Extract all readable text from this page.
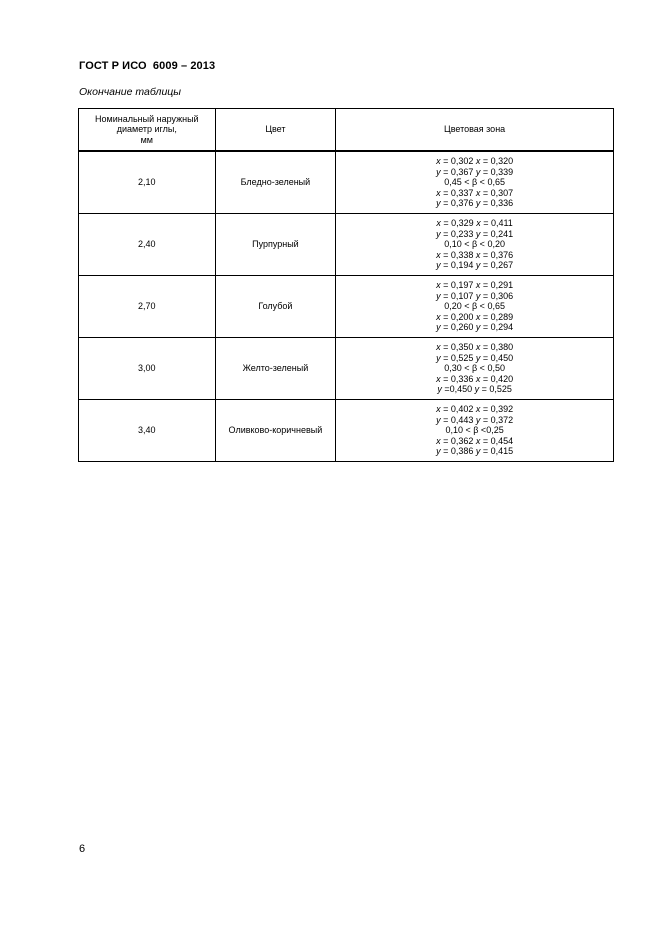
ГОСТ Р ИСО  6009 – 2013
Окончание таблицы
Номинальный наружный
диаметр иглы,
мм	Цвет	Цветовая зона
2,10	Бледно-зеленый	x = 0,302 x = 0,320
y = 0,367 y = 0,339
0,45 < β < 0,65
x = 0,337 x = 0,307
y = 0,376 y = 0,336

2,40	Пурпурный	x = 0,329 x = 0,411
y = 0,233 y = 0,241
0,10 < β < 0,20
x = 0,338 x = 0,376
y = 0,194 y = 0,267

2,70	Голубой	x = 0,197 x = 0,291
y = 0,107 y = 0,306
0,20 < β < 0,65
x = 0,200 x = 0,289
y = 0,260 y = 0,294

3,00	Желто-зеленый	x = 0,350 x = 0,380
y = 0,525 y = 0,450
0,30 < β < 0,50
x = 0,336 x = 0,420
y =0,450 y = 0,525

3,40	Оливково-коричневый	x = 0,402 x = 0,392
y = 0,443 y = 0,372
0,10 < β <0,25
x = 0,362 x = 0,454
y = 0,386 y = 0,415
6
